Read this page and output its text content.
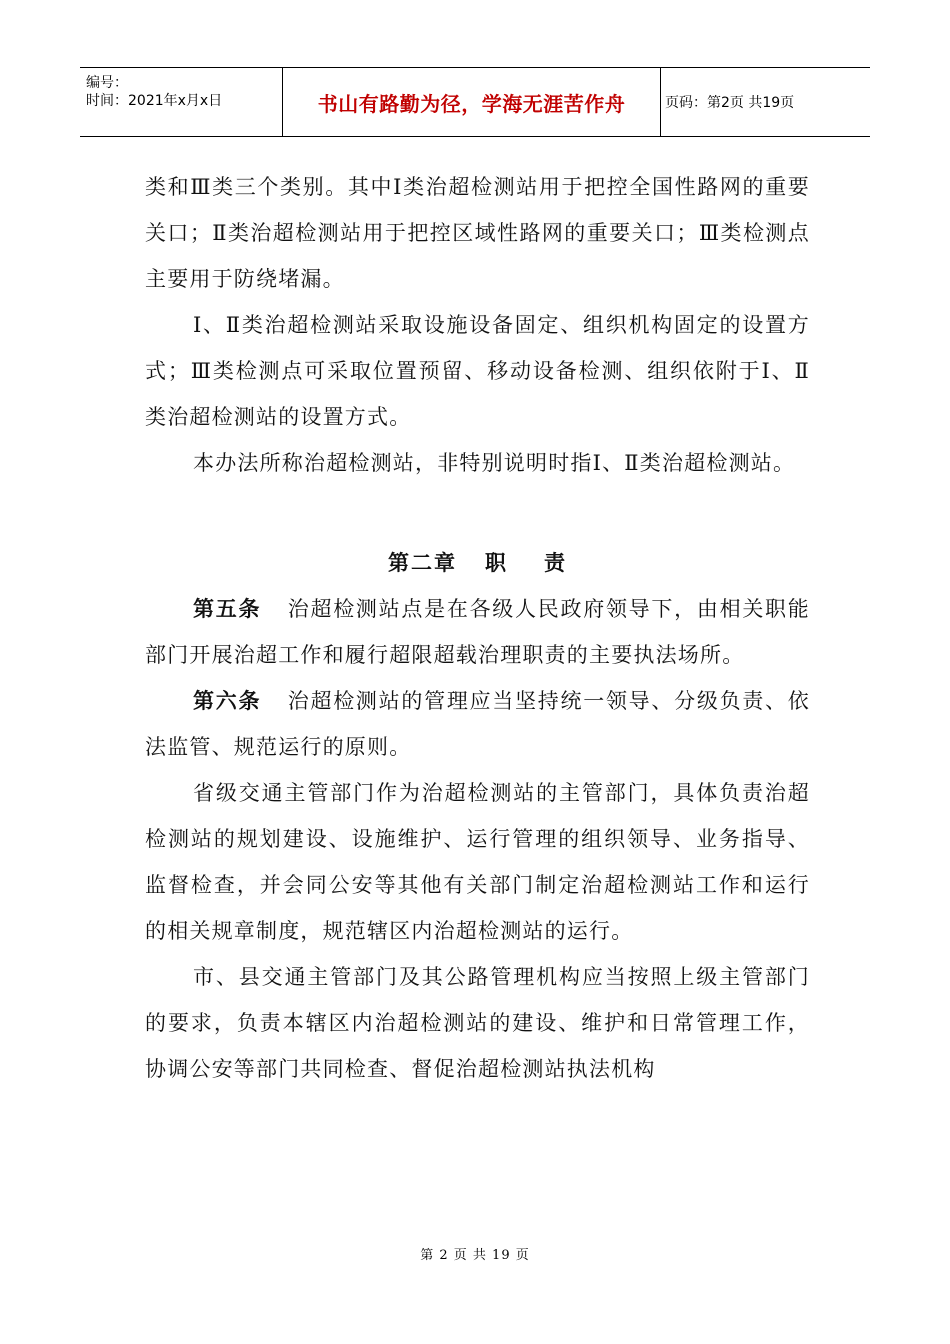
编号：
时间：2021年x月x日	书山有路勤为径，学海无涯苦作舟	页码：第2页 共19页

类和Ⅲ类三个类别。其中Ⅰ类治超检测站用于把控全国性路网的重要关口；Ⅱ类治超检测站用于把控区域性路网的重要关口；Ⅲ类检测点主要用于防绕堵漏。

I、Ⅱ类治超检测站采取设施设备固定、组织机构固定的设置方式；Ⅲ类检测点可采取位置预留、移动设备检测、组织依附于Ⅰ、Ⅱ类治超检测站的设置方式。

本办法所称治超检测站，非特别说明时指Ⅰ、Ⅱ类治超检测站。

第二章 职 责

第五条 治超检测站点是在各级人民政府领导下，由相关职能部门开展治超工作和履行超限超载治理职责的主要执法场所。

第六条 治超检测站的管理应当坚持统一领导、分级负责、依法监管、规范运行的原则。

省级交通主管部门作为治超检测站的主管部门，具体负责治超检测站的规划建设、设施维护、运行管理的组织领导、业务指导、监督检查，并会同公安等其他有关部门制定治超检测站工作和运行的相关规章制度，规范辖区内治超检测站的运行。

市、县交通主管部门及其公路管理机构应当按照上级主管部门的要求，负责本辖区内治超检测站的建设、维护和日常管理工作，协调公安等部门共同检查、督促治超检测站执法机构

第 2 页 共 19 页
